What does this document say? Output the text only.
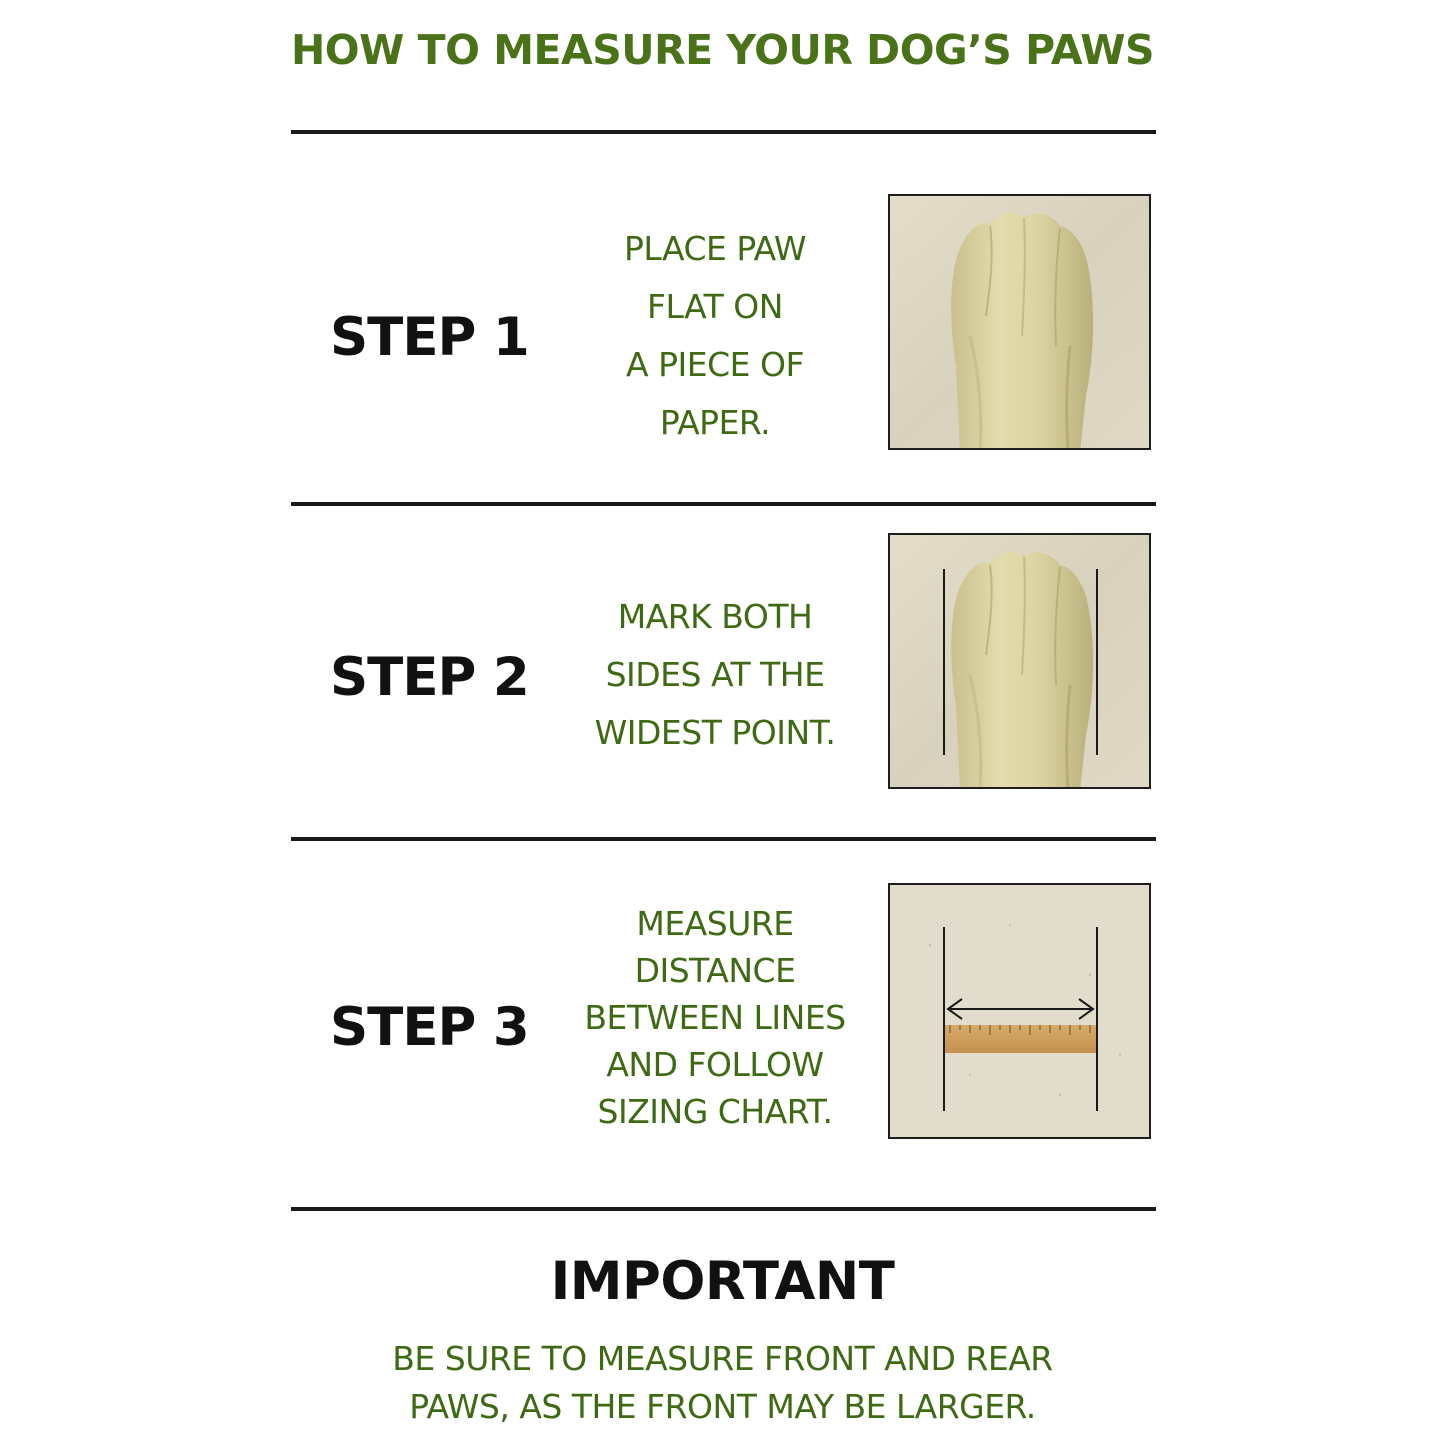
HOW TO MEASURE YOUR DOG’S PAWS
STEP 1
PLACE PAW
FLAT ON
A PIECE OF
PAPER.
STEP 2
MARK BOTH
SIDES AT THE
WIDEST POINT.
STEP 3
MEASURE
DISTANCE
BETWEEN LINES
AND FOLLOW
SIZING CHART.
IMPORTANT
BE SURE TO MEASURE FRONT AND REAR
PAWS, AS THE FRONT MAY BE LARGER.
